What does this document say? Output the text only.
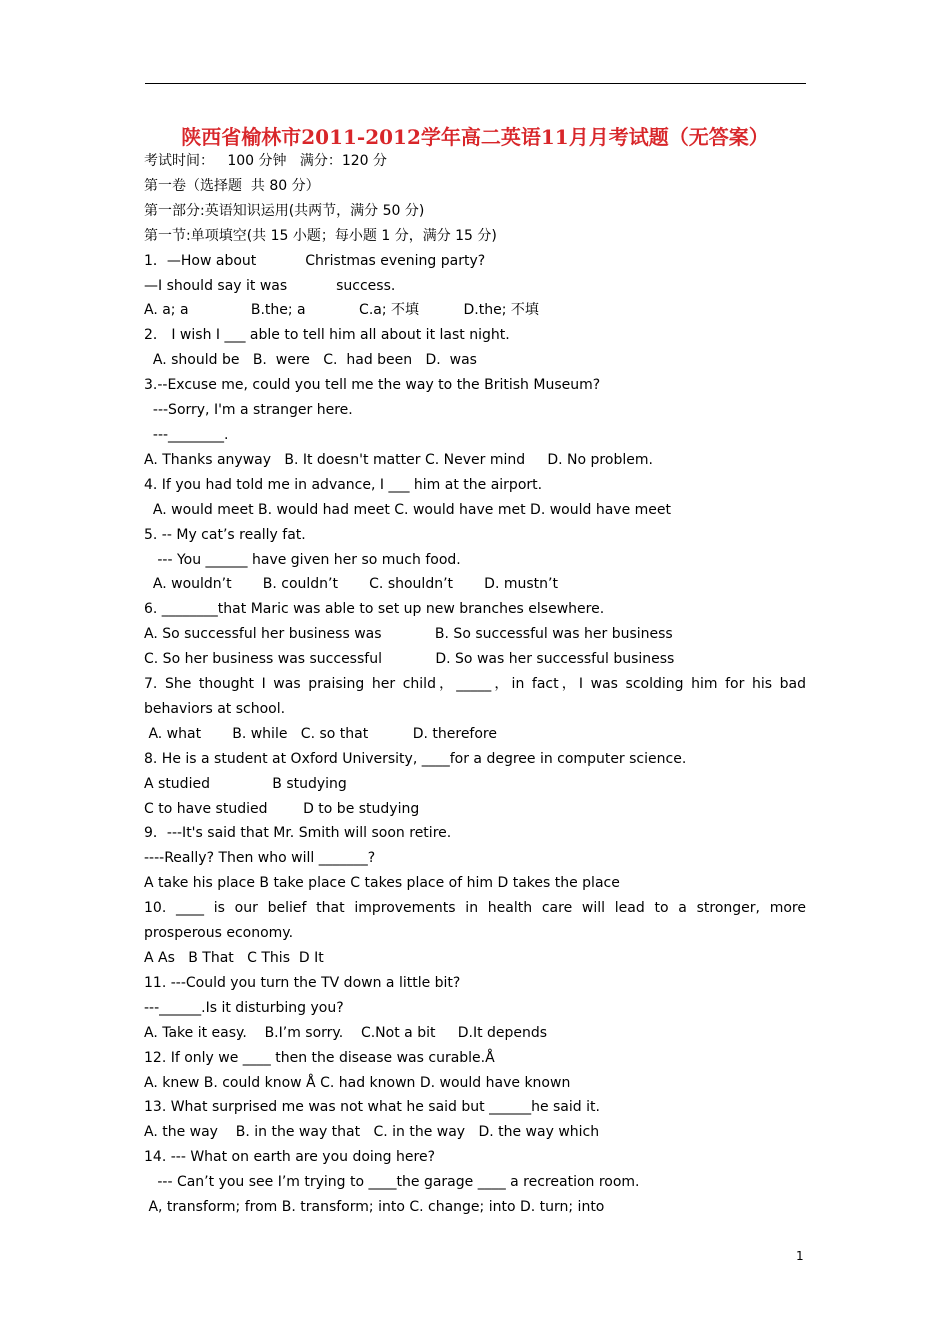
陕西省榆林市2011-2012学年高二英语11月月考试题（无答案）
考试时间：   100 分钟   满分：120 分
第一卷（选择题  共 80 分）
第一部分:英语知识运用(共两节，满分 50 分)
第一节:单项填空(共 15 小题；每小题 1 分，满分 15 分)
1．—How about           Christmas evening party?
—I should say it was           success.
A. a; a              B.the; a            C.a; 不填          D.the; 不填
2． I wish I ___ able to tell him all about it last night.
A. should be   B.  were   C.  had been   D.  was
3.--Excuse me, could you tell me the way to the British Museum?
---Sorry, I'm a stranger here.
---________.
A. Thanks anyway   B. It doesn't matter C. Never mind     D. No problem.
4. If you had told me in advance, I ___ him at the airport.
A. would meet B. would had meet C. would have met D. would have meet
5. -- My cat’s really fat.
--- You ______ have given her so much food.
A. wouldn’t       B. couldn’t       C. shouldn’t       D. mustn’t
6. ________that Maric was able to set up new branches elsewhere.
A. So successful her business was            B. So successful was her business
C. So her business was successful            D. So was her successful business
7. She thought I was praising her child，_____，in fact，I was scolding him for his bad behaviors at school.
A. what       B. while   C. so that          D. therefore
8. He is a student at Oxford University, ____for a degree in computer science.
A studied              B studying
C to have studied        D to be studying
9．---It's said that Mr. Smith will soon retire.
----Really? Then who will _______?
A take his place B take place C takes place of him D takes the place
10. ____ is our belief that improvements in health care will lead to a stronger, more prosperous economy.
A As   B That   C This  D It
11. ---Could you turn the TV down a little bit?
---______.Is it disturbing you?
A. Take it easy.    B.I’m sorry.    C.Not a bit     D.It depends
12. If only we ____ then the disease was curable.Å
A. knew B. could know Å C. had known D. would have known
13. What surprised me was not what he said but ______he said it.
A. the way    B. in the way that   C. in the way   D. the way which
14. --- What on earth are you doing here?
--- Can’t you see I’m trying to ____the garage ____ a recreation room.
A, transform; from B. transform; into C. change; into D. turn; into
1
